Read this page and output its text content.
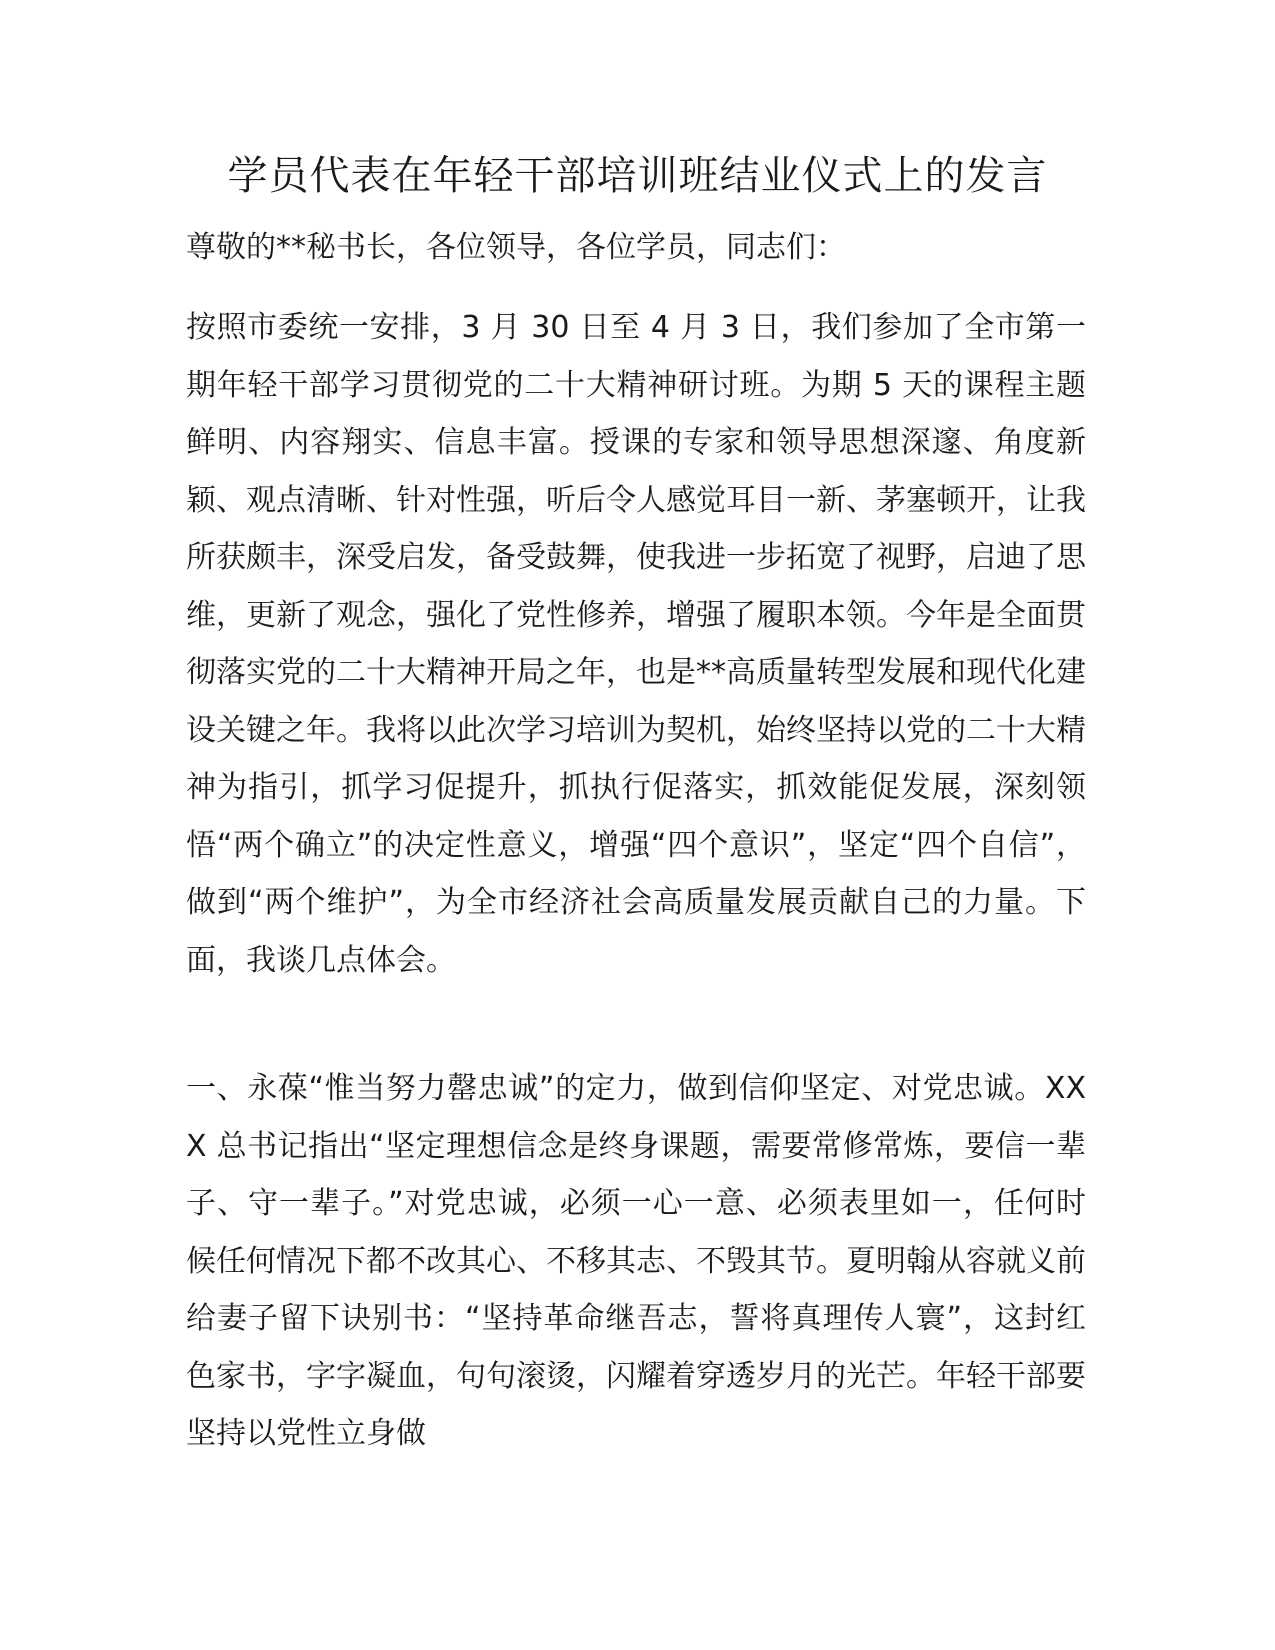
学员代表在年轻干部培训班结业仪式上的发言

尊敬的**秘书长，各位领导，各位学员，同志们：

按照市委统一安排，3 月 30 日至 4 月 3 日，我们参加了全市第一期年轻干部学习贯彻党的二十大精神研讨班。为期 5 天的课程主题鲜明、内容翔实、信息丰富。授课的专家和领导思想深邃、角度新颖、观点清晰、针对性强，听后令人感觉耳目一新、茅塞顿开，让我所获颇丰，深受启发，备受鼓舞，使我进一步拓宽了视野，启迪了思维，更新了观念，强化了党性修养，增强了履职本领。今年是全面贯彻落实党的二十大精神开局之年，也是**高质量转型发展和现代化建设关键之年。我将以此次学习培训为契机，始终坚持以党的二十大精神为指引，抓学习促提升，抓执行促落实，抓效能促发展，深刻领悟“两个确立”的决定性意义，增强“四个意识”，坚定“四个自信”，做到“两个维护”，为全市经济社会高质量发展贡献自己的力量。下面，我谈几点体会。

一、永葆“惟当努力罄忠诚”的定力，做到信仰坚定、对党忠诚。XXX 总书记指出“坚定理想信念是终身课题，需要常修常炼，要信一辈子、守一辈子。”对党忠诚，必须一心一意、必须表里如一，任何时候任何情况下都不改其心、不移其志、不毁其节。夏明翰从容就义前给妻子留下诀别书：“坚持革命继吾志，誓将真理传人寰”，这封红色家书，字字凝血，句句滚烫，闪耀着穿透岁月的光芒。年轻干部要坚持以党性立身做
